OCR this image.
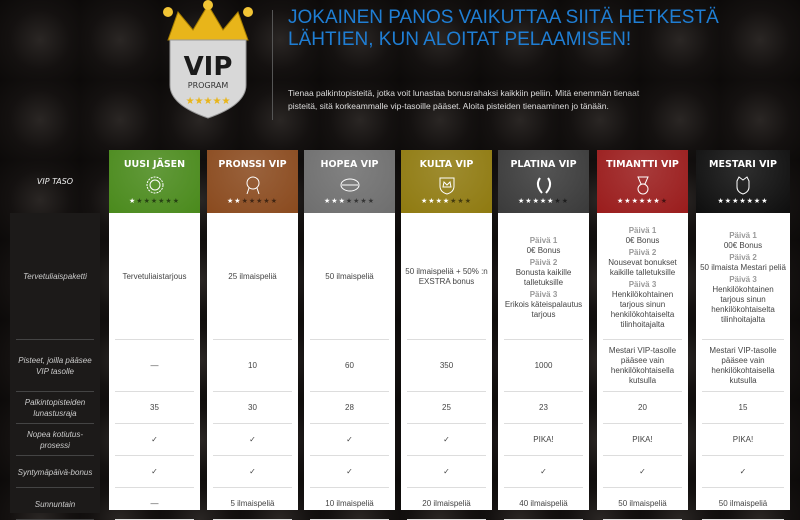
VIP
PROGRAM
★★★★★
JOKAINEN PANOS VAIKUTTAA SIITÄ HETKESTÄ LÄHTIEN, KUN ALOITAT PELAAMISEN!
Tienaa palkintopisteitä, jotka voit lunastaa bonusrahaksi kaikkiin peliin. Mitä enemmän tienaat pisteitä, sitä korkeammalle vip-tasoille pääset. Aloita pisteiden tienaaminen jo tänään.
VIP TASO
Tervetuliaispaketti
Pisteet, joilla pääsee VIP tasolle
Palkintopisteiden lunastusraja
Nopea kotiutus-prosessi
Syntymäpäivä-bonus
Sunnuntain
UUSI JÄSEN
★★★★★★★
Tervetuliaistarjous
—
35
✓
✓
—
PRONSSI VIP
★★★★★★★
25 ilmaispeliä
10
30
✓
✓
5 ilmaispeliä
HOPEA VIP
★★★★★★★
50 ilmaispeliä
60
28
✓
✓
10 ilmaispeliä
KULTA VIP
★★★★★★★
50 ilmaispeliä + 50% :n EXSTRA bonus
350
25
✓
✓
20 ilmaispeliä
PLATINA VIP
★★★★★★★
Päivä 1
0€ Bonus
Päivä 2
Bonusta kaikille talletuksille
Päivä 3
Erikois käteispalautus tarjous
1000
23
PIKA!
✓
40 ilmaispeliä
TIMANTTI VIP
★★★★★★★
Päivä 1
0€ Bonus
Päivä 2
Nousevat bonukset kaikille talletuksille
Päivä 3
Henkilökohtainen tarjous sinun henkilökohtaiselta tilinhoitajalta
Mestari VIP-tasolle pääsee vain henkilökohtaisella kutsulla
20
PIKA!
✓
50 ilmaispeliä
MESTARI VIP
★★★★★★★
Päivä 1
00€ Bonus
Päivä 2
50 ilmaista Mestari peliä
Päivä 3
Henkilökohtainen tarjous sinun henkilökohtaiselta tilinhoitajalta
Mestari VIP-tasolle pääsee vain henkilökohtaisella kutsulla
15
PIKA!
✓
50 ilmaispeliä
